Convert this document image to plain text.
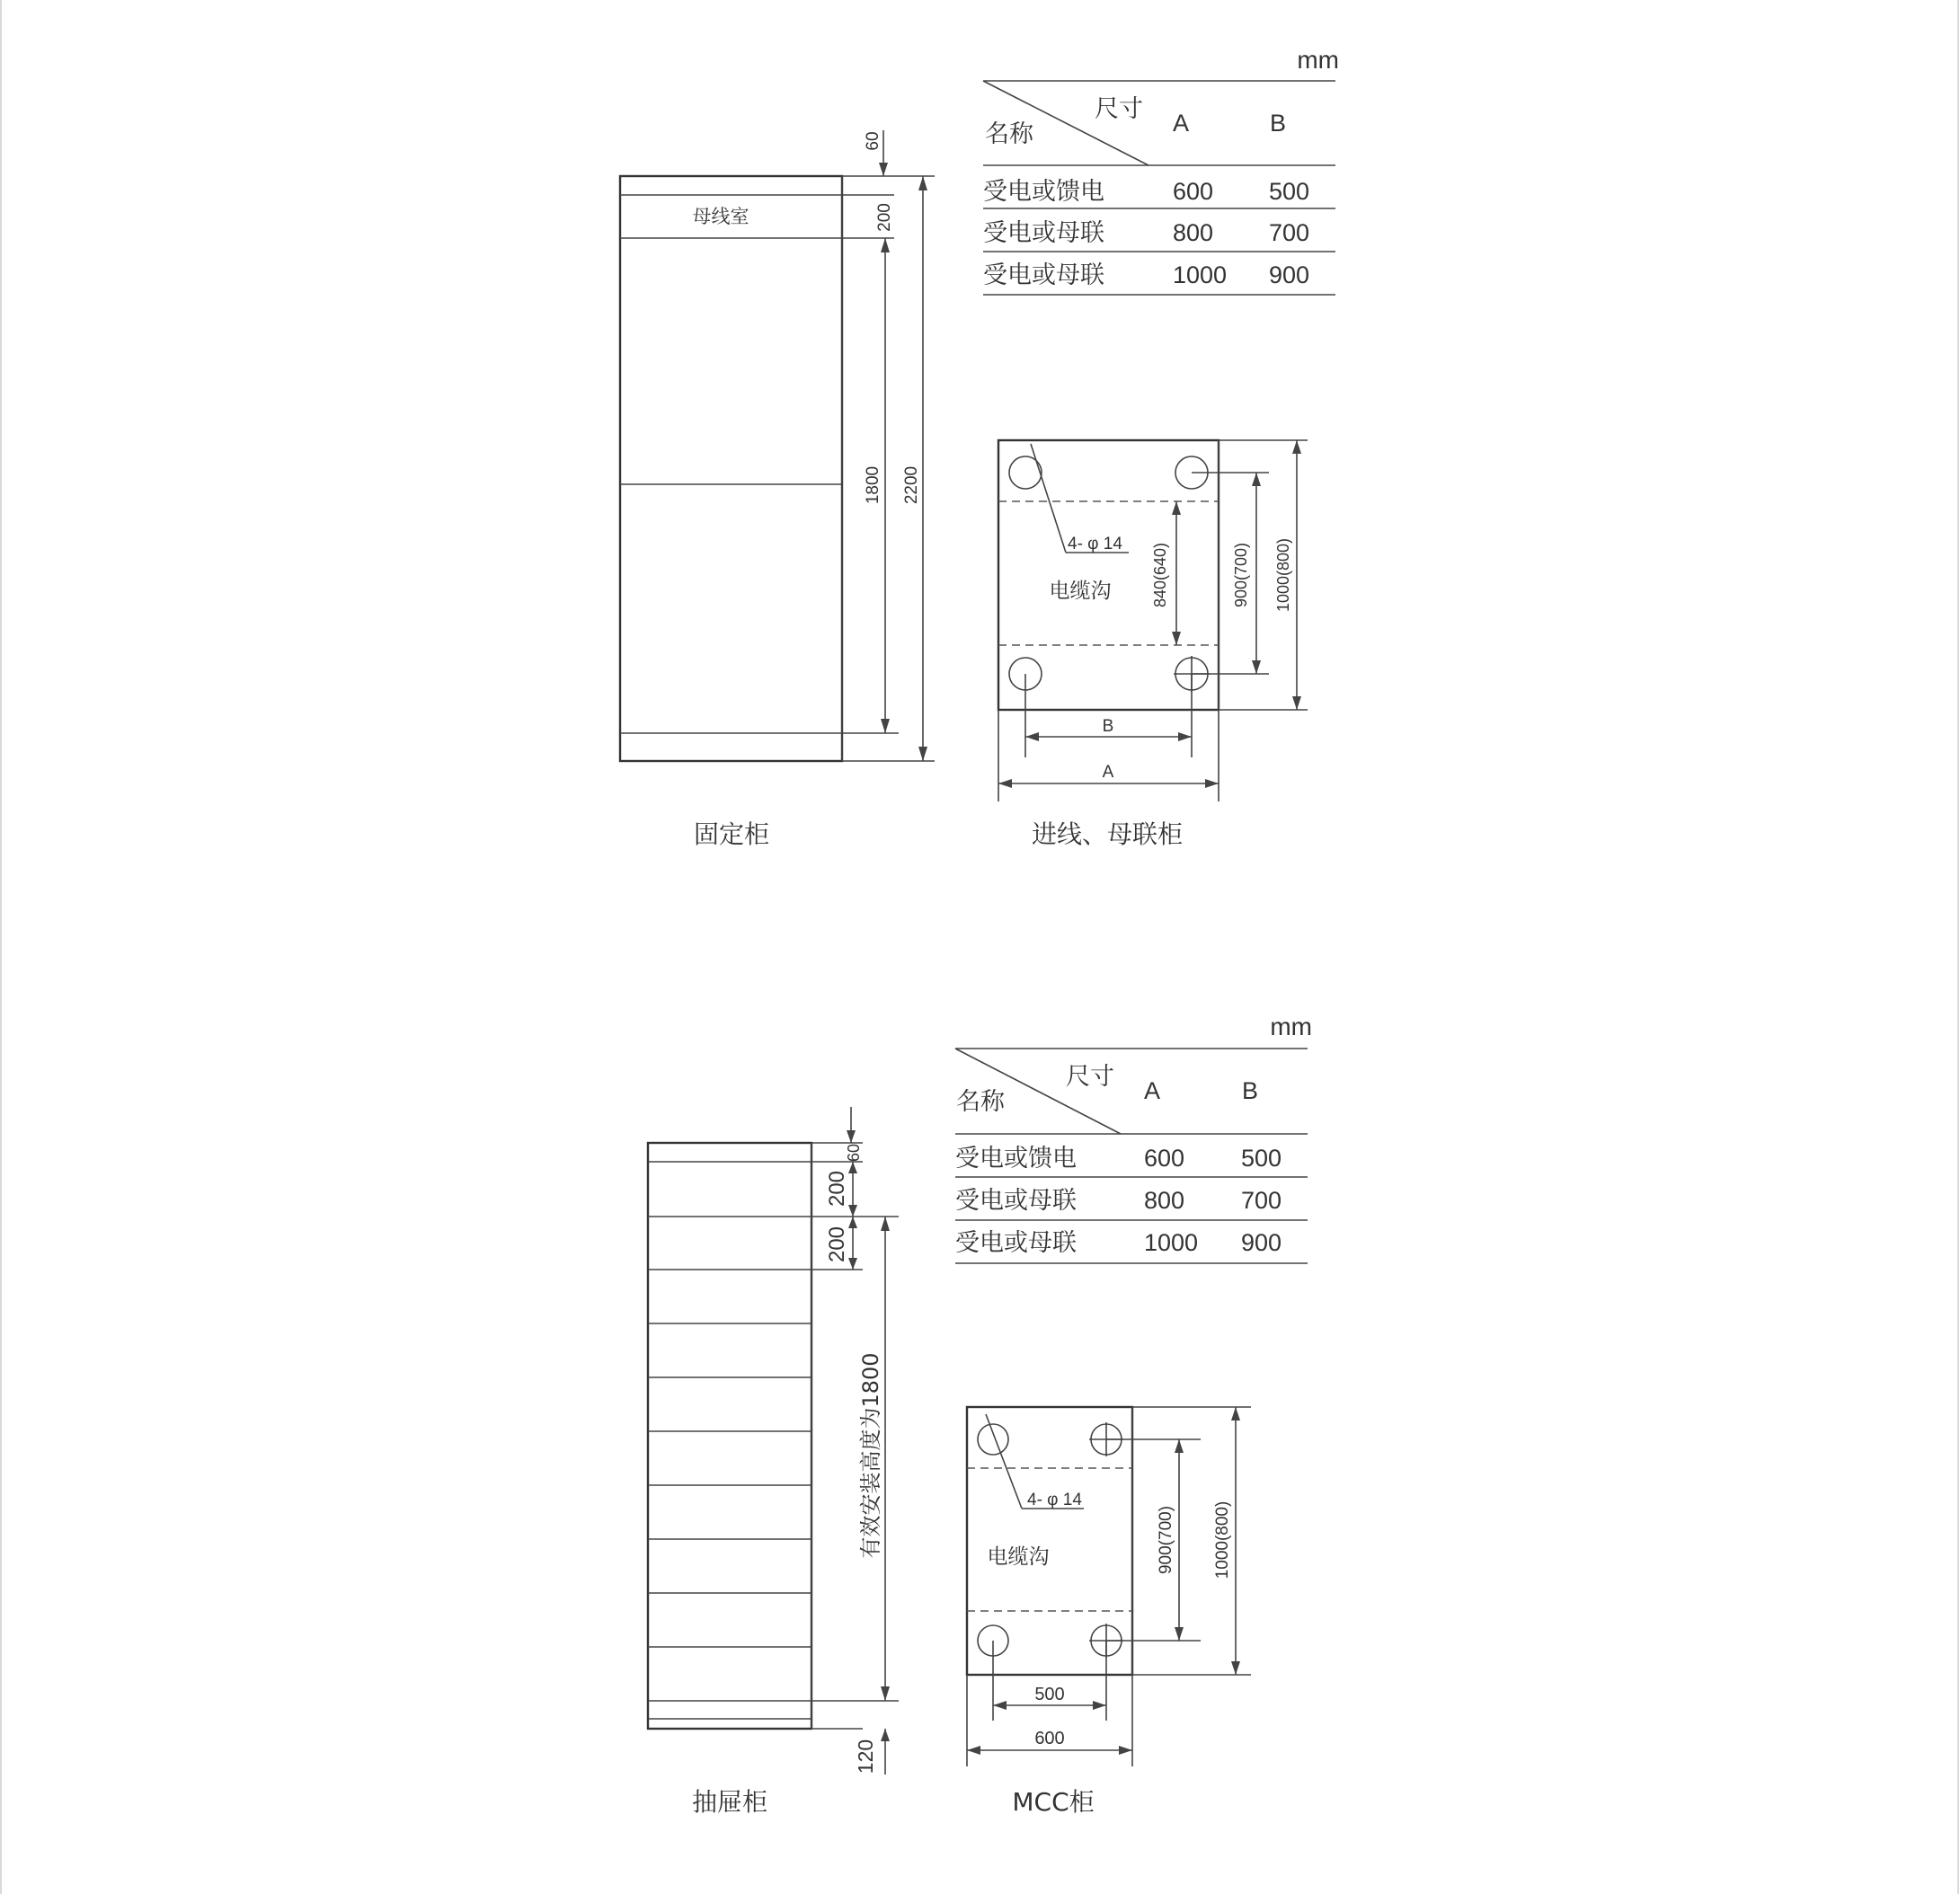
mm
尺寸
名称	A	B
受电或馈电	600 500
受电或母联	800 700
受电或母联	1000 900
母线室
60
200
1800 2200
固定柜
4- φ 14
电缆沟 840(640)	900(700) 1000(800)
B
A
进线、母联柜
mm
尺寸
名称	A	B
受电或馈电	600 500
受电或母联	800 700
受电或母联	1000 900
60
200
200
有效安装高度为1800
120
抽屉柜
4- φ 14
电缆沟	900(700) 1000(800)
500
600
MCC柜
